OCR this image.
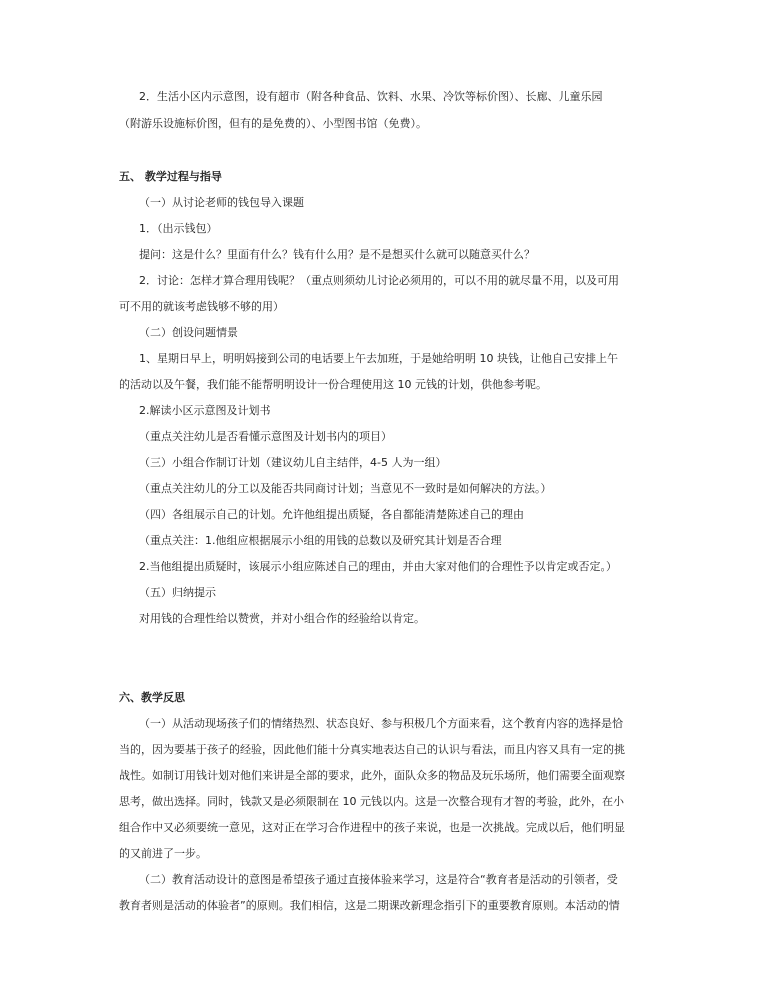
2．生活小区内示意图，设有超市（附各种食品、饮料、水果、冷饮等标价图）、长廊、儿童乐园

（附游乐设施标价图，但有的是免费的）、小型图书馆（免费）。

五、 教学过程与指导

（一）从讨论老师的钱包导入课题

1．（出示钱包）

提问：这是什么？里面有什么？钱有什么用？是不是想买什么就可以随意买什么？

2．讨论：怎样才算合理用钱呢？（重点则须幼儿讨论必须用的，可以不用的就尽量不用，以及可用

可不用的就该考虑钱够不够的用）

（二）创设问题情景

1、星期日早上，明明妈接到公司的电话要上午去加班，于是她给明明 10 块钱，让他自己安排上午

的活动以及午餐，我们能不能帮明明设计一份合理使用这 10 元钱的计划，供他参考呢。

2.解读小区示意图及计划书

（重点关注幼儿是否看懂示意图及计划书内的项目）

（三）小组合作制订计划（建议幼儿自主结伴，4-5 人为一组）

（重点关注幼儿的分工以及能否共同商讨计划；当意见不一致时是如何解决的方法。）

（四）各组展示自己的计划。允许他组提出质疑，各自都能清楚陈述自己的理由

（重点关注：1.他组应根据展示小组的用钱的总数以及研究其计划是否合理

2.当他组提出质疑时，该展示小组应陈述自己的理由，并由大家对他们的合理性予以肯定或否定。）

（五）归纳提示

对用钱的合理性给以赞赏，并对小组合作的经验给以肯定。

六、教学反思

（一）从活动现场孩子们的情绪热烈、状态良好、参与积极几个方面来看，这个教育内容的选择是恰

当的，因为要基于孩子的经验，因此他们能十分真实地表达自己的认识与看法，而且内容又具有一定的挑

战性。如制订用钱计划对他们来讲是全部的要求，此外，面队众多的物品及玩乐场所，他们需要全面观察

思考，做出选择。同时，钱款又是必须限制在 10 元钱以内。这是一次整合现有才智的考验，此外，在小

组合作中又必须要统一意见，这对正在学习合作进程中的孩子来说，也是一次挑战。完成以后，他们明显

的又前进了一步。

（二）教育活动设计的意图是希望孩子通过直接体验来学习，这是符合“教育者是活动的引领者，受

教育者则是活动的体验者”的原则。我们相信，这是二期课改新理念指引下的重要教育原则。本活动的情
